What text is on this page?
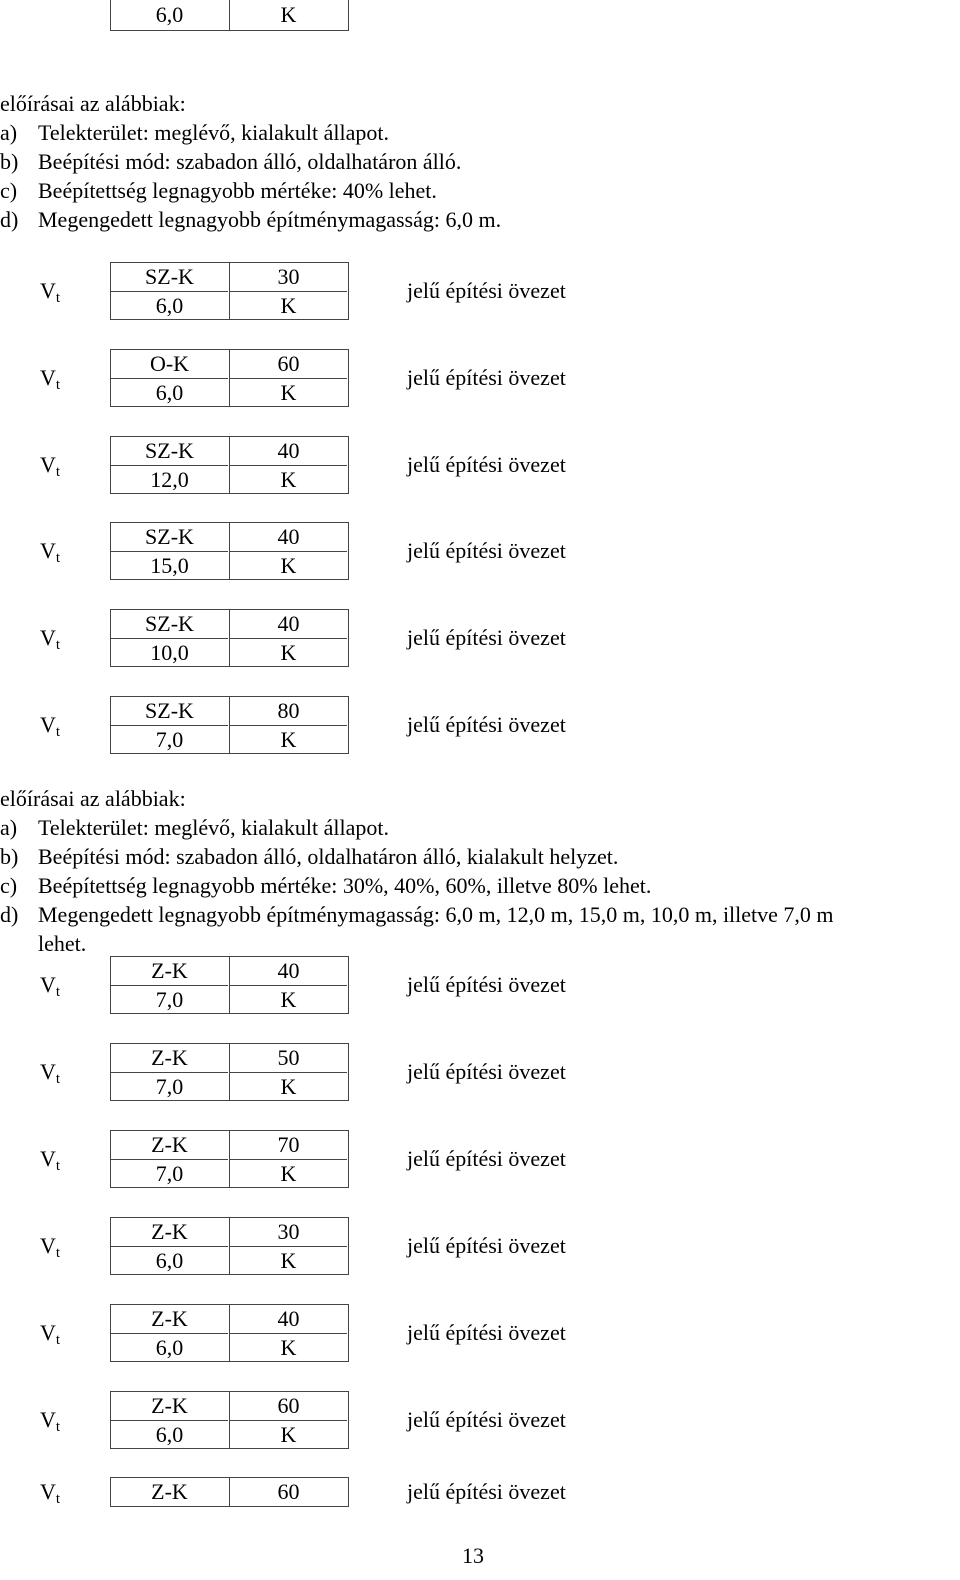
6,0	K
előírásai az alábbiak:
a) Telekterület: meglévő, kialakult állapot.
b) Beépítési mód: szabadon álló, oldalhatáron álló.
c) Beépítettség legnagyobb mértéke: 40% lehet.
d) Megengedett legnagyobb építménymagasság: 6,0 m.
$V_t$
SZ-K	30
6,0	K
jelű építési övezet
$V_t$
O-K	60
6,0	K
jelű építési övezet
$V_t$
SZ-K	40
12,0	K
jelű építési övezet
$V_t$
SZ-K	40
15,0	K
jelű építési övezet
$V_t$
SZ-K	40
10,0	K
jelű építési övezet
$V_t$
SZ-K	80
7,0	K
jelű építési övezet
előírásai az alábbiak:
a) Telekterület: meglévő, kialakult állapot.
b) Beépítési mód: szabadon álló, oldalhatáron álló, kialakult helyzet.
c) Beépítettség legnagyobb mértéke: 30%, 40%, 60%, illetve 80% lehet.
d) Megengedett legnagyobb építménymagasság: 6,0 m, 12,0 m, 15,0 m, 10,0 m, illetve 7,0 m
lehet.
$V_t$
Z-K	40
7,0	K
jelű építési övezet
$V_t$
Z-K	50
7,0	K
jelű építési övezet
$V_t$
Z-K	70
7,0	K
jelű építési övezet
$V_t$
Z-K	30
6,0	K
jelű építési övezet
$V_t$
Z-K	40
6,0	K
jelű építési övezet
$V_t$
Z-K	60
6,0	K
jelű építési övezet
$V_t$	Z-K	60	jelű építési övezet
13
